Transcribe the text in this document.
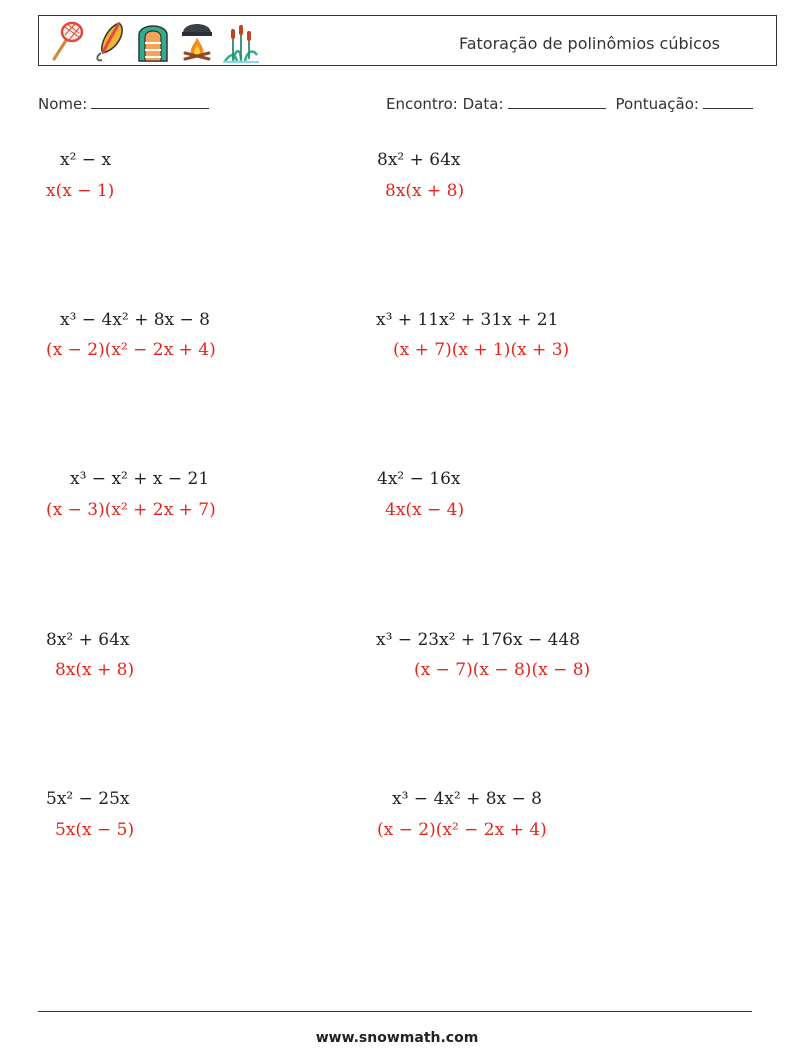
Fatoração de polinômios cúbicos
Nome:	Encontro: Data:	Pontuação:
x² − x
x(x − 1)
8x² + 64x
8x(x + 8)
x³ − 4x² + 8x − 8
(x − 2)(x² − 2x + 4)
x³ + 11x² + 31x + 21
(x + 7)(x + 1)(x + 3)
x³ − x² + x − 21
(x − 3)(x² + 2x + 7)
4x² − 16x
4x(x − 4)
8x² + 64x
8x(x + 8)
x³ − 23x² + 176x − 448
(x − 7)(x − 8)(x − 8)
5x² − 25x
5x(x − 5)
x³ − 4x² + 8x − 8
(x − 2)(x² − 2x + 4)
www.snowmath.com
